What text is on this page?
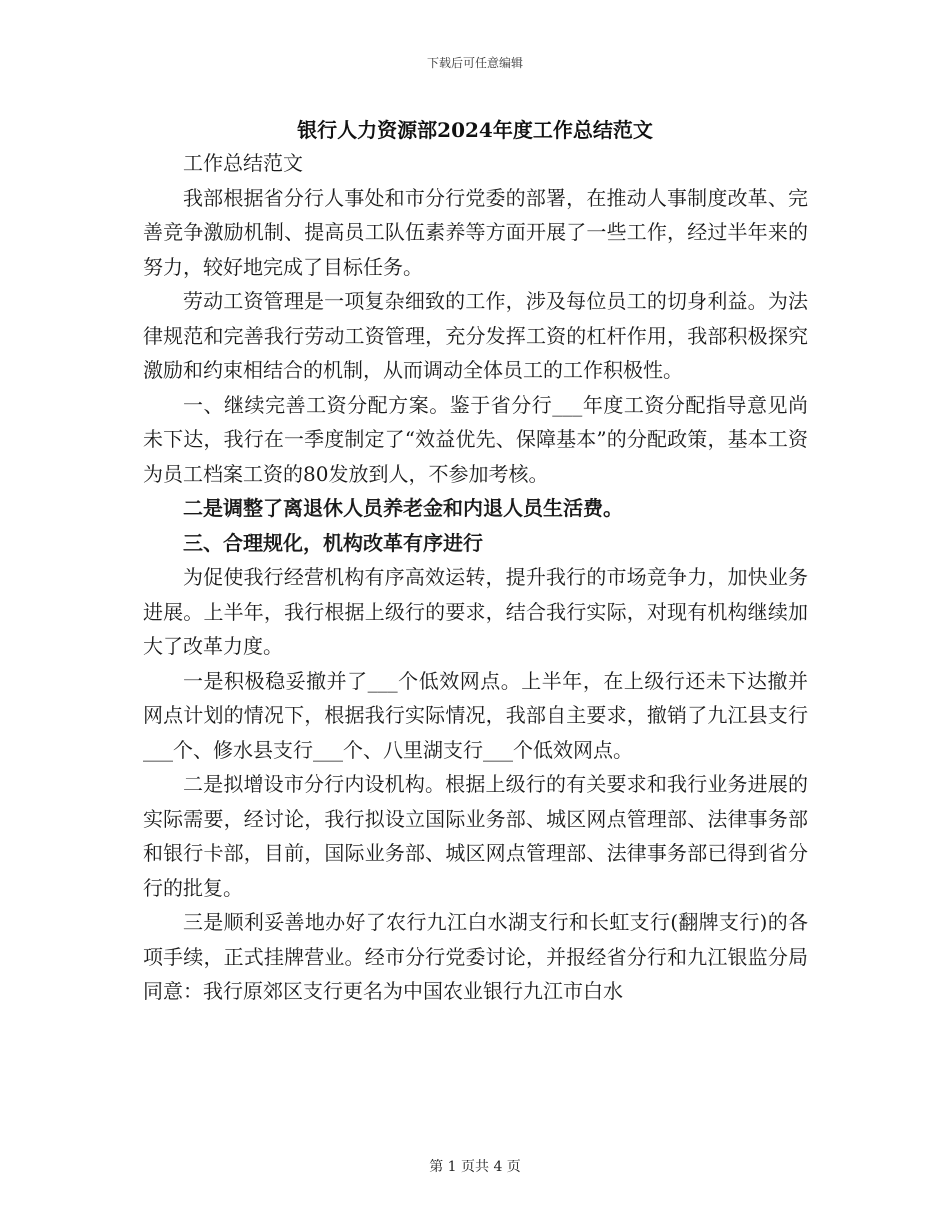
下载后可任意编辑
银行人力资源部2024年度工作总结范文

工作总结范文

我部根据省分行人事处和市分行党委的部署，在推动人事制度改革、完善竞争激励机制、提高员工队伍素养等方面开展了一些工作，经过半年来的努力，较好地完成了目标任务。

劳动工资管理是一项复杂细致的工作，涉及每位员工的切身利益。为法律规范和完善我行劳动工资管理，充分发挥工资的杠杆作用，我部积极探究激励和约束相结合的机制，从而调动全体员工的工作积极性。

一、继续完善工资分配方案。鉴于省分行___年度工资分配指导意见尚未下达，我行在一季度制定了“效益优先、保障基本”的分配政策，基本工资为员工档案工资的80发放到人，不参加考核。

二是调整了离退休人员养老金和内退人员生活费。

三、合理规化，机构改革有序进行

为促使我行经营机构有序高效运转，提升我行的市场竞争力，加快业务进展。上半年，我行根据上级行的要求，结合我行实际，对现有机构继续加大了改革力度。

一是积极稳妥撤并了___个低效网点。上半年，在上级行还未下达撤并网点计划的情况下，根据我行实际情况，我部自主要求，撤销了九江县支行___个、修水县支行___个、八里湖支行___个低效网点。

二是拟增设市分行内设机构。根据上级行的有关要求和我行业务进展的实际需要，经讨论，我行拟设立国际业务部、城区网点管理部、法律事务部和银行卡部，目前，国际业务部、城区网点管理部、法律事务部已得到省分行的批复。

三是顺利妥善地办好了农行九江白水湖支行和长虹支行(翻牌支行)的各项手续，正式挂牌营业。经市分行党委讨论，并报经省分行和九江银监分局同意：我行原郊区支行更名为中国农业银行九江市白水

第 1 页共 4 页
